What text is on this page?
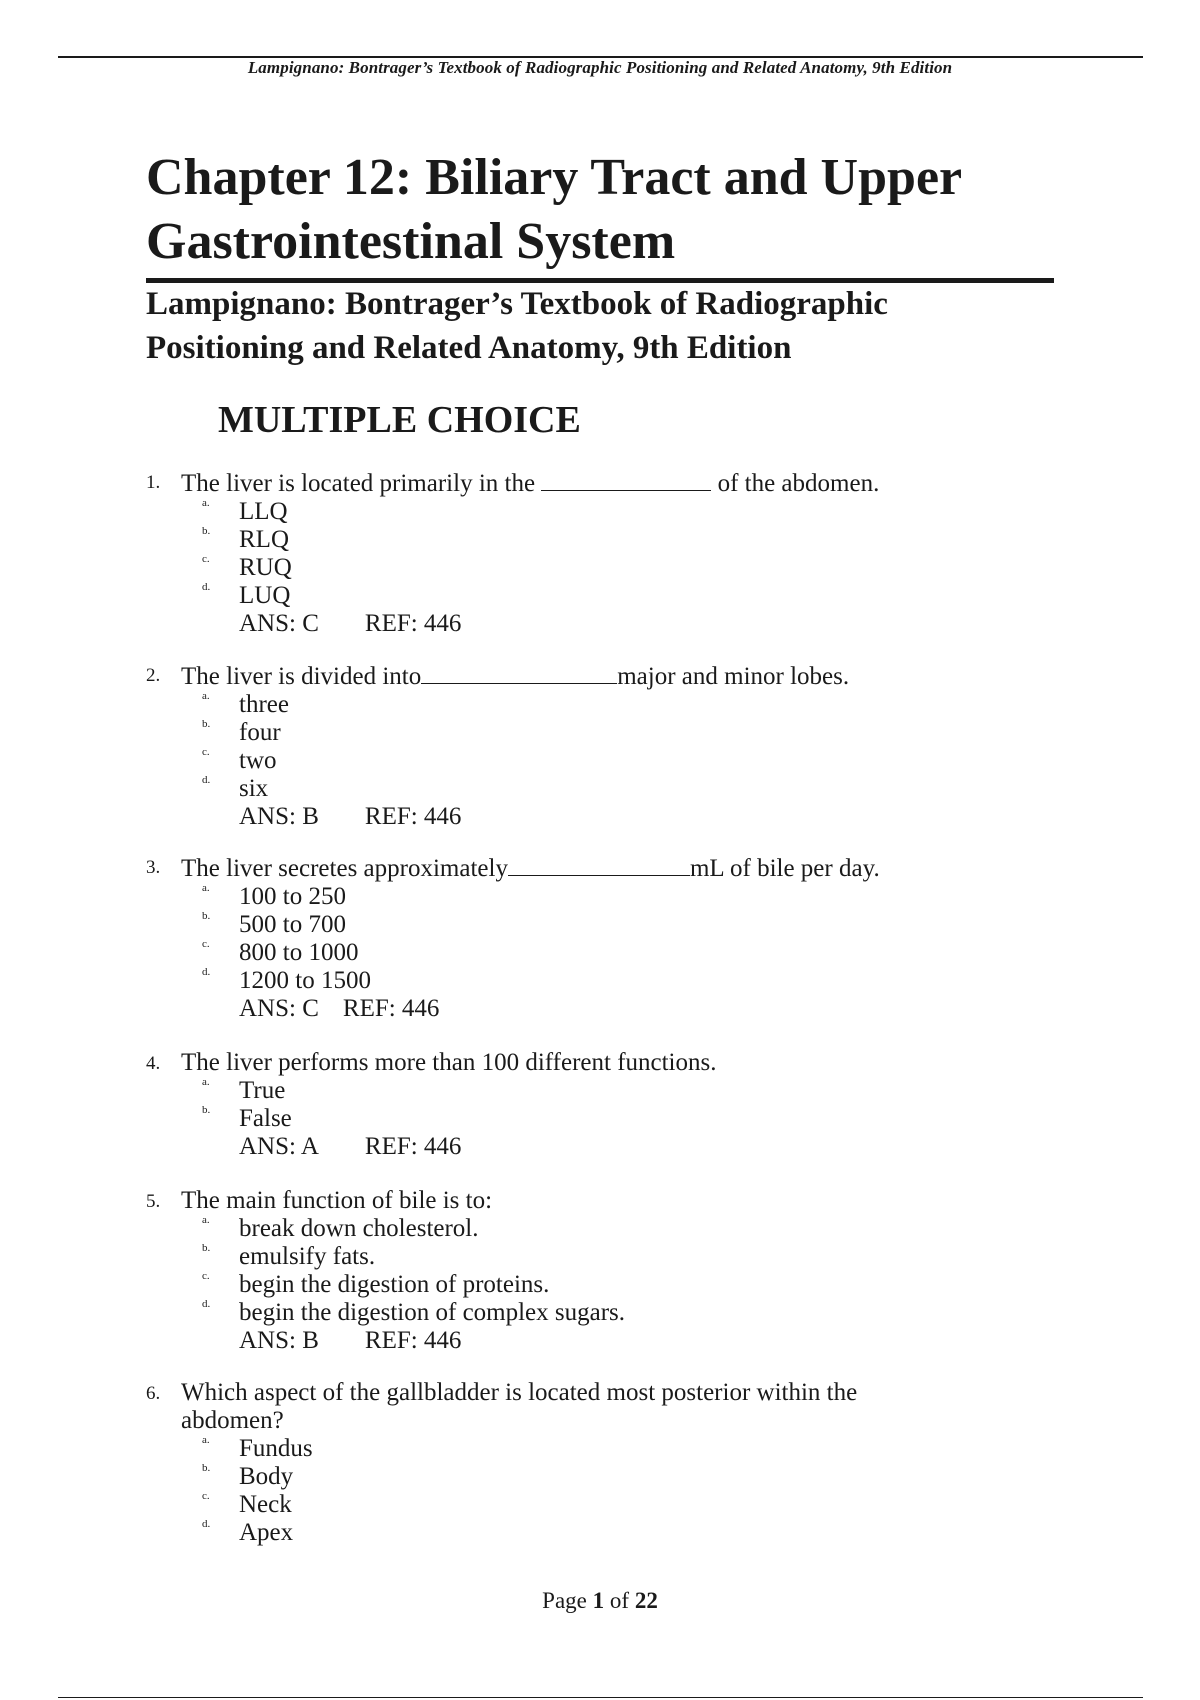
Lampignano: Bontrager’s Textbook of Radiographic Positioning and Related Anatomy, 9th Edition
Chapter 12: Biliary Tract and Upper
Gastrointestinal System
Lampignano: Bontrager’s Textbook of Radiographic
Positioning and Related Anatomy, 9th Edition
MULTIPLE CHOICE
1. The liver is located primarily in the	of the abdomen.
a. LLQ
b. RLQ
c. RUQ
d. LUQ
ANS: C REF: 446
2. The liver is divided into	major and minor lobes.
a. three
b. four
c. two
d. six
ANS: B REF: 446
3. The liver secretes approximately	mL of bile per day.
a. 100 to 250
b. 500 to 700
c. 800 to 1000
d. 1200 to 1500
ANS: C REF: 446
4. The liver performs more than 100 different functions.
a. True
b. False
ANS: A REF: 446
5. The main function of bile is to:
a. break down cholesterol.
b. emulsify fats.
c. begin the digestion of proteins.
d. begin the digestion of complex sugars.
ANS: B REF: 446
6. Which aspect of the gallbladder is located most posterior within the
abdomen?
a. Fundus
b. Body
c. Neck
d. Apex
Page 1 of 22
